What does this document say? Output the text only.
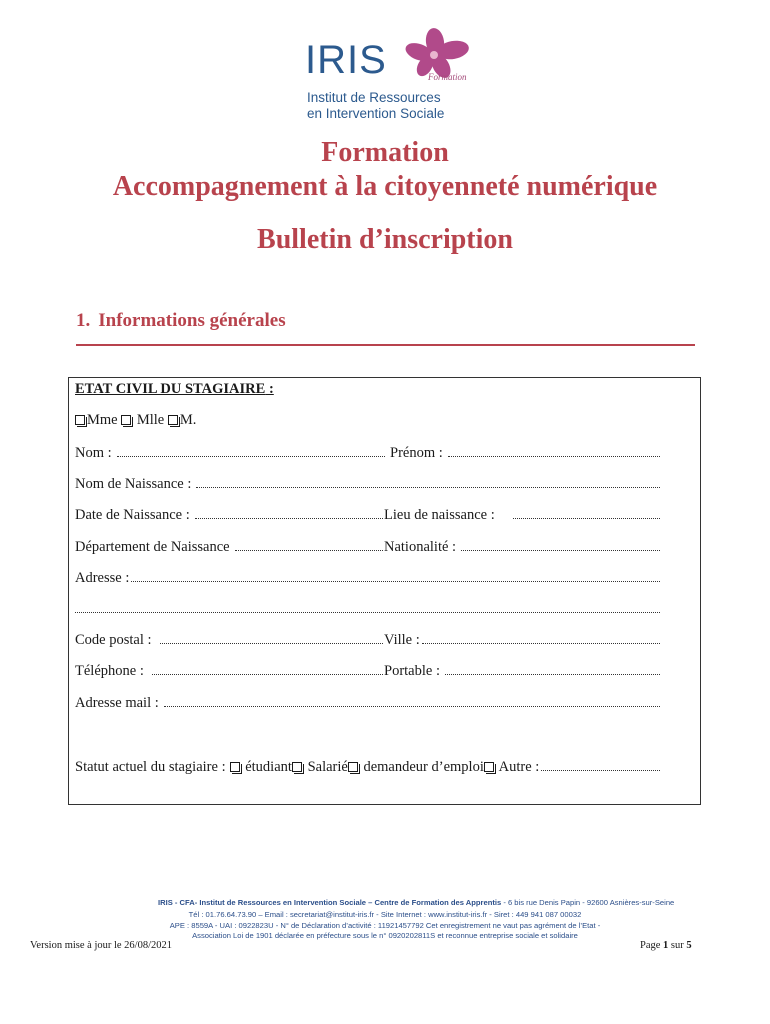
IRIS	Formation
Institut de Ressources
en Intervention Sociale
Formation
Accompagnement à la citoyenneté numérique
Bulletin d’inscription
1. Informations générales
ETAT CIVIL DU STAGIAIRE :
Mme  Mlle M.
Nom :	Prénom :
Nom de Naissance :
Date de Naissance :	Lieu de naissance :
Département de Naissance	Nationalité :
Adresse :
Code postal :	Ville :
Téléphone :	Portable :
Adresse mail :
Statut actuel du stagiaire :	étudiant Salarié demandeur d’emploi Autre :
IRIS - CFA- Institut de Ressources en Intervention Sociale – Centre de Formation des Apprentis - 6 bis rue Denis Papin - 92600 Asnières-sur-Seine
Tél : 01.76.64.73.90 – Email : secretariat@institut-iris.fr - Site Internet : www.institut-iris.fr - Siret : 449 941 087 00032
APE : 8559A - UAI : 0922823U - N° de Déclaration d’activité : 11921457792 Cet enregistrement ne vaut pas agrément de l’Etat -
Association Loi de 1901 déclarée en préfecture sous le n° 0920202811S et reconnue entreprise sociale et solidaire
Version mise à jour le 26/08/2021	Page 1 sur 5
